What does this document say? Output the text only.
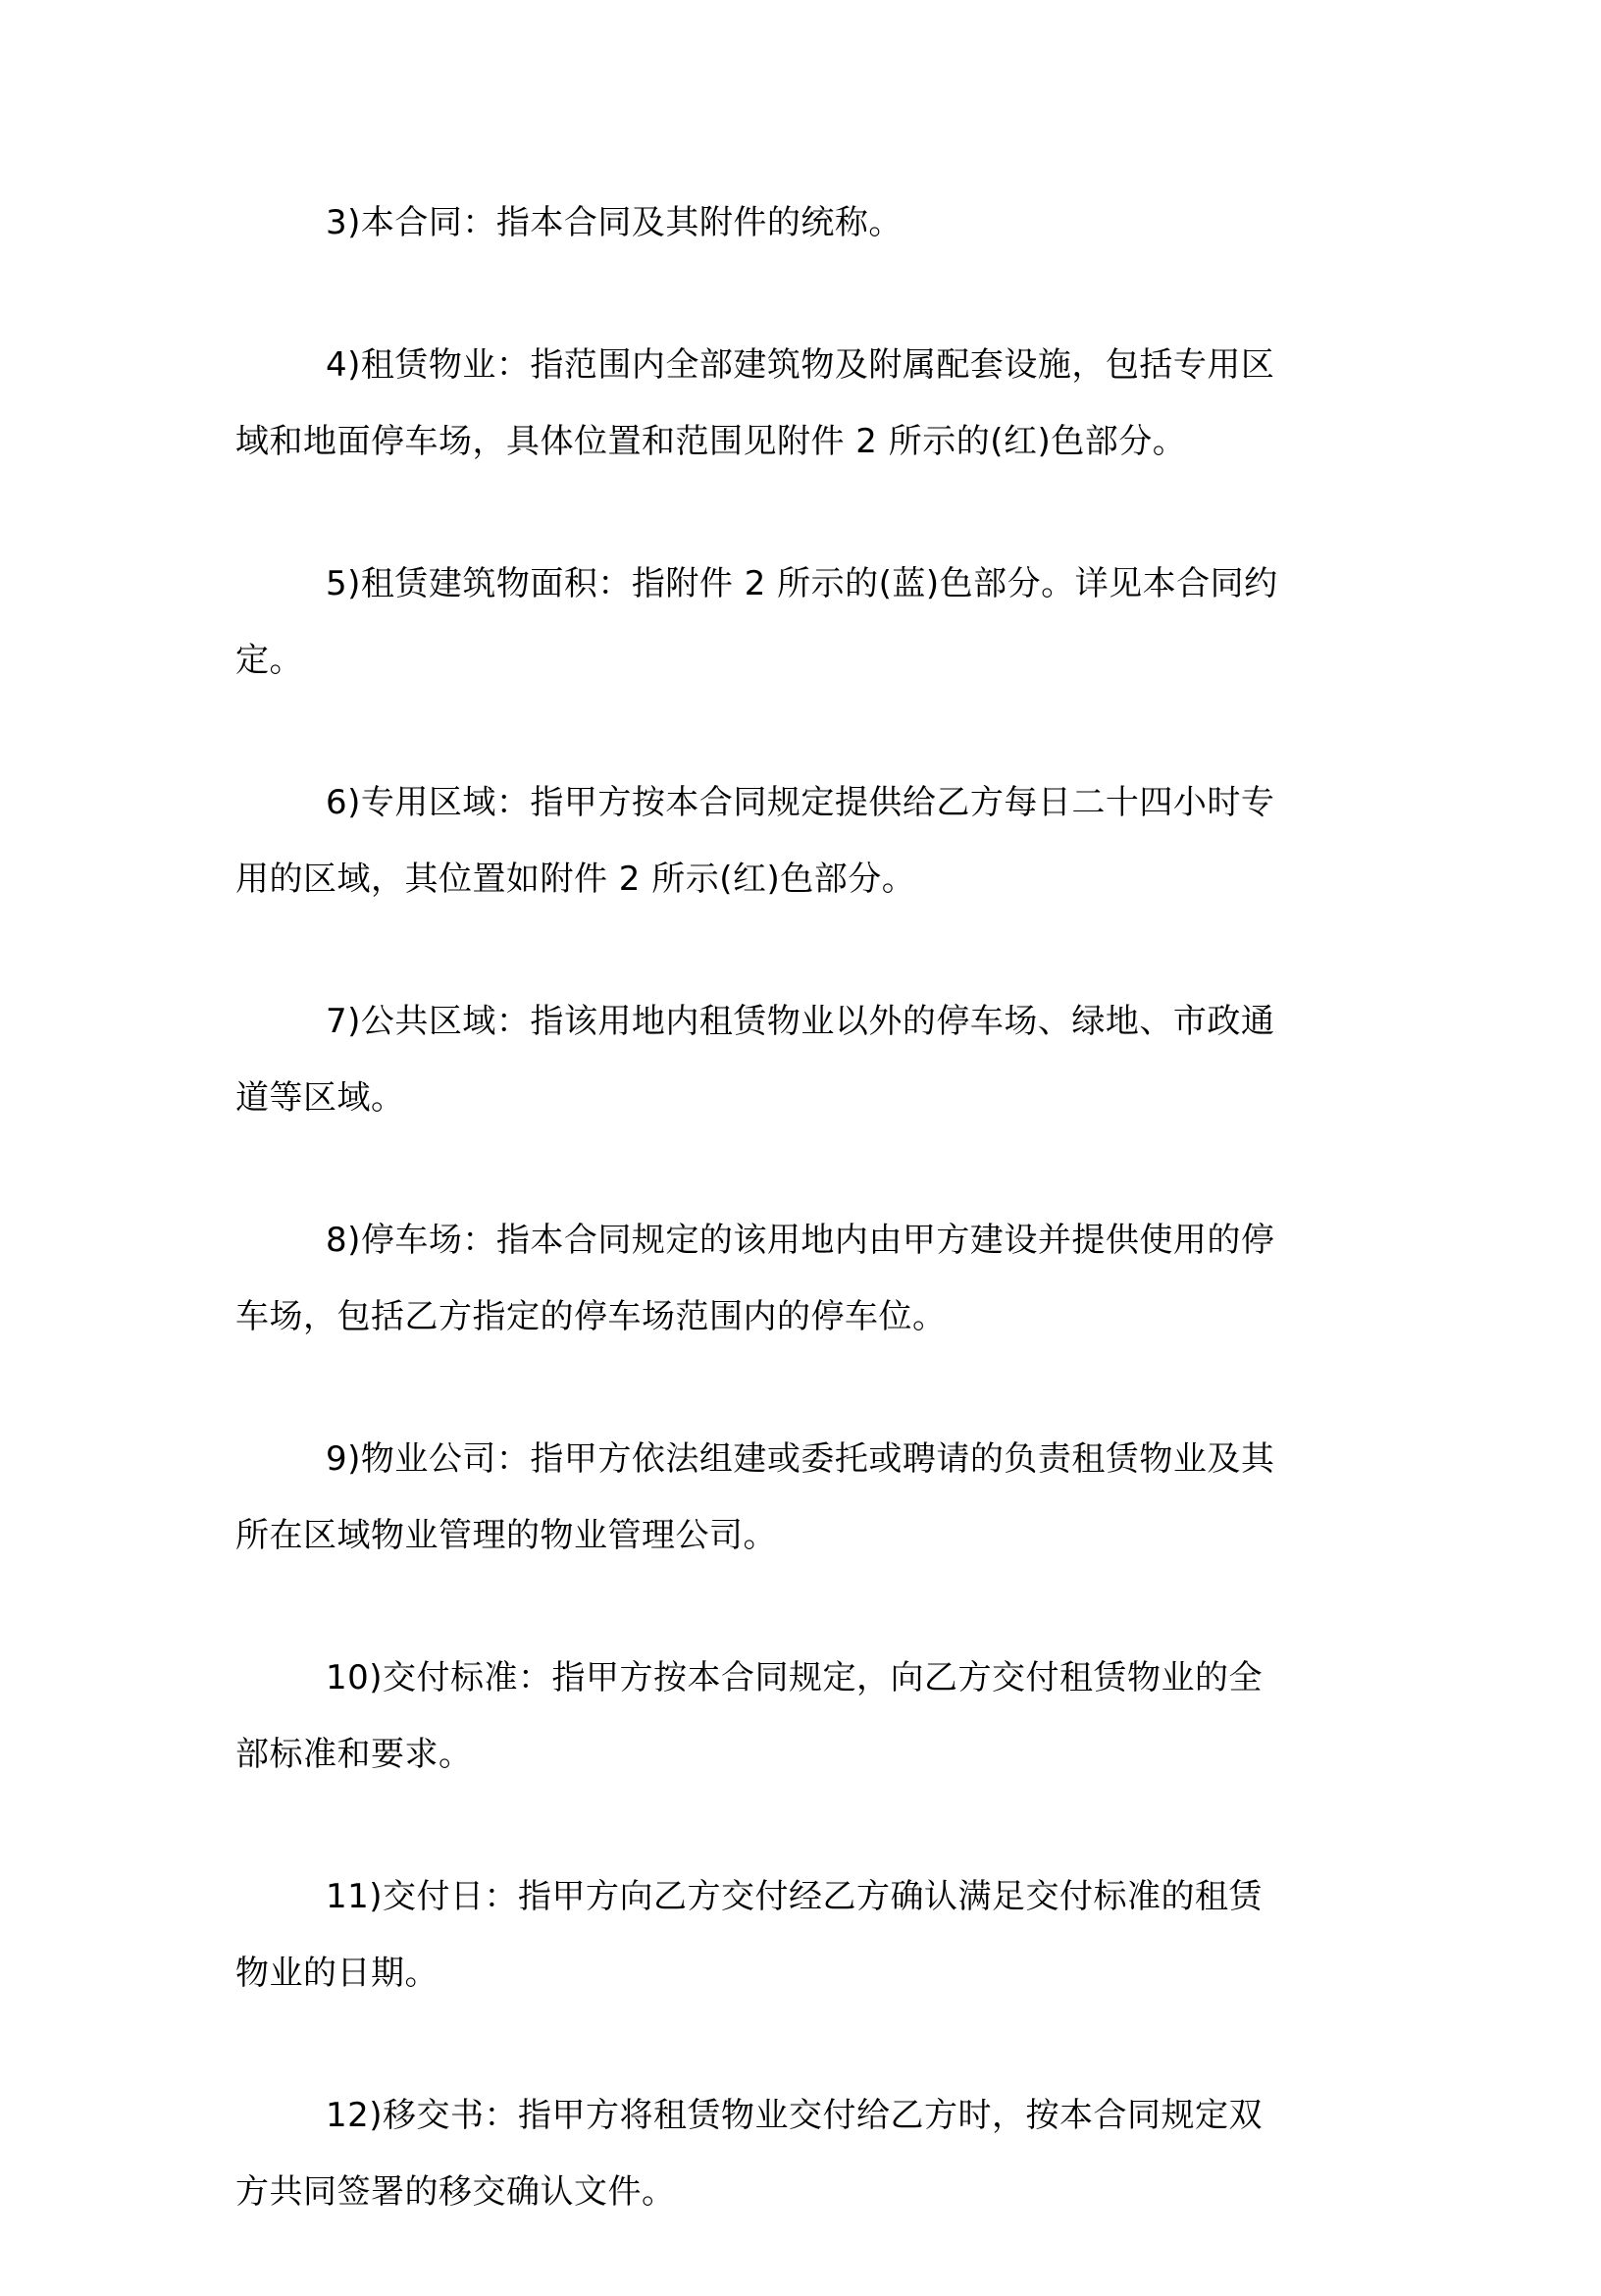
3)本合同：指本合同及其附件的统称。

4)租赁物业：指范围内全部建筑物及附属配套设施，包括专用区
域和地面停车场，具体位置和范围见附件 2 所示的(红)色部分。

5)租赁建筑物面积：指附件 2 所示的(蓝)色部分。详见本合同约
定。

6)专用区域：指甲方按本合同规定提供给乙方每日二十四小时专
用的区域，其位置如附件 2 所示(红)色部分。

7)公共区域：指该用地内租赁物业以外的停车场、绿地、市政通
道等区域。

8)停车场：指本合同规定的该用地内由甲方建设并提供使用的停
车场，包括乙方指定的停车场范围内的停车位。

9)物业公司：指甲方依法组建或委托或聘请的负责租赁物业及其
所在区域物业管理的物业管理公司。

10)交付标准：指甲方按本合同规定，向乙方交付租赁物业的全
部标准和要求。

11)交付日：指甲方向乙方交付经乙方确认满足交付标准的租赁
物业的日期。

12)移交书：指甲方将租赁物业交付给乙方时，按本合同规定双
方共同签署的移交确认文件。
